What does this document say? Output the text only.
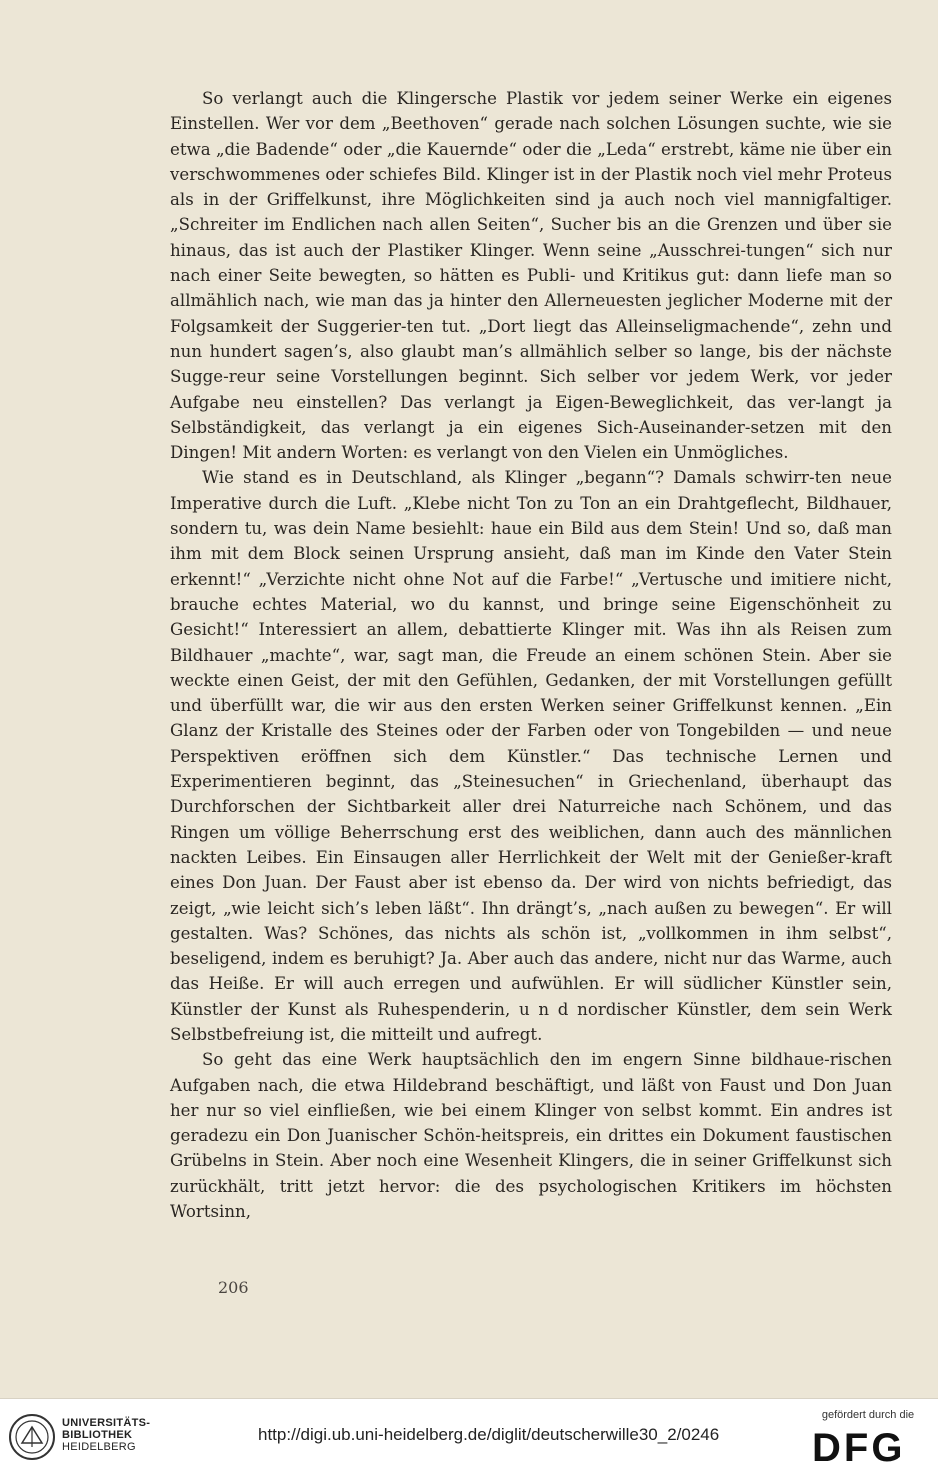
So verlangt auch die Klingersche Plastik vor jedem seiner Werke ein eigenes Einstellen. Wer vor dem „Beethoven“ gerade nach solchen Lösungen suchte, wie sie etwa „die Badende“ oder „die Kauernde“ oder die „Leda“ erstrebt, käme nie über ein verschwommenes oder schiefes Bild. Klinger ist in der Plastik noch viel mehr Proteus als in der Griffelkunst, ihre Möglichkeiten sind ja auch noch viel mannigfaltiger. „Schreiter im Endlichen nach allen Seiten“, Sucher bis an die Grenzen und über sie hinaus, das ist auch der Plastiker Klinger. Wenn seine „Ausschrei-tungen“ sich nur nach einer Seite bewegten, so hätten es Publi- und Kritikus gut: dann liefe man so allmählich nach, wie man das ja hinter den Allerneuesten jeglicher Moderne mit der Folgsamkeit der Suggerier-ten tut. „Dort liegt das Alleinseligmachende“, zehn und nun hundert sagen’s, also glaubt man’s allmählich selber so lange, bis der nächste Sugge-reur seine Vorstellungen beginnt. Sich selber vor jedem Werk, vor jeder Aufgabe neu einstellen? Das verlangt ja Eigen-Beweglichkeit, das ver-langt ja Selbständigkeit, das verlangt ja ein eigenes Sich-Auseinander-setzen mit den Dingen! Mit andern Worten: es verlangt von den Vielen ein Unmögliches.

Wie stand es in Deutschland, als Klinger „begann“? Damals schwirr-ten neue Imperative durch die Luft. „Klebe nicht Ton zu Ton an ein Drahtgeflecht, Bildhauer, sondern tu, was dein Name besiehlt: haue ein Bild aus dem Stein! Und so, daß man ihm mit dem Block seinen Ursprung ansieht, daß man im Kinde den Vater Stein erkennt!“ „Verzichte nicht ohne Not auf die Farbe!“ „Vertusche und imitiere nicht, brauche echtes Material, wo du kannst, und bringe seine Eigenschönheit zu Gesicht!“ Interessiert an allem, debattierte Klinger mit. Was ihn als Reisen zum Bildhauer „machte“, war, sagt man, die Freude an einem schönen Stein. Aber sie weckte einen Geist, der mit den Gefühlen, Gedanken, der mit Vorstellungen gefüllt und überfüllt war, die wir aus den ersten Werken seiner Griffelkunst kennen. „Ein Glanz der Kristalle des Steines oder der Farben oder von Tongebilden — und neue Perspektiven eröffnen sich dem Künstler.“ Das technische Lernen und Experimentieren beginnt, das „Steinesuchen“ in Griechenland, überhaupt das Durchforschen der Sichtbarkeit aller drei Naturreiche nach Schönem, und das Ringen um völlige Beherrschung erst des weiblichen, dann auch des männlichen nackten Leibes. Ein Einsaugen aller Herrlichkeit der Welt mit der Genießer-kraft eines Don Juan. Der Faust aber ist ebenso da. Der wird von nichts befriedigt, das zeigt, „wie leicht sich’s leben läßt“. Ihn drängt’s, „nach außen zu bewegen“. Er will gestalten. Was? Schönes, das nichts als schön ist, „vollkommen in ihm selbst“, beseligend, indem es beruhigt? Ja. Aber auch das andere, nicht nur das Warme, auch das Heiße. Er will auch erregen und aufwühlen. Er will südlicher Künstler sein, Künstler der Kunst als Ruhespenderin, u n d nordischer Künstler, dem sein Werk Selbstbefreiung ist, die mitteilt und aufregt.

So geht das eine Werk hauptsächlich den im engern Sinne bildhaue-rischen Aufgaben nach, die etwa Hildebrand beschäftigt, und läßt von Faust und Don Juan her nur so viel einfließen, wie bei einem Klinger von selbst kommt. Ein andres ist geradezu ein Don Juanischer Schön-heitspreis, ein drittes ein Dokument faustischen Grübelns in Stein. Aber noch eine Wesenheit Klingers, die in seiner Griffelkunst sich zurückhält, tritt jetzt hervor: die des psychologischen Kritikers im höchsten Wortsinn,

206
UNIVERSITÄTS-
BIBLIOTHEK
HEIDELBERG
http://digi.ub.uni-heidelberg.de/diglit/deutscherwille30_2/0246
gefördert durch die
DFG
